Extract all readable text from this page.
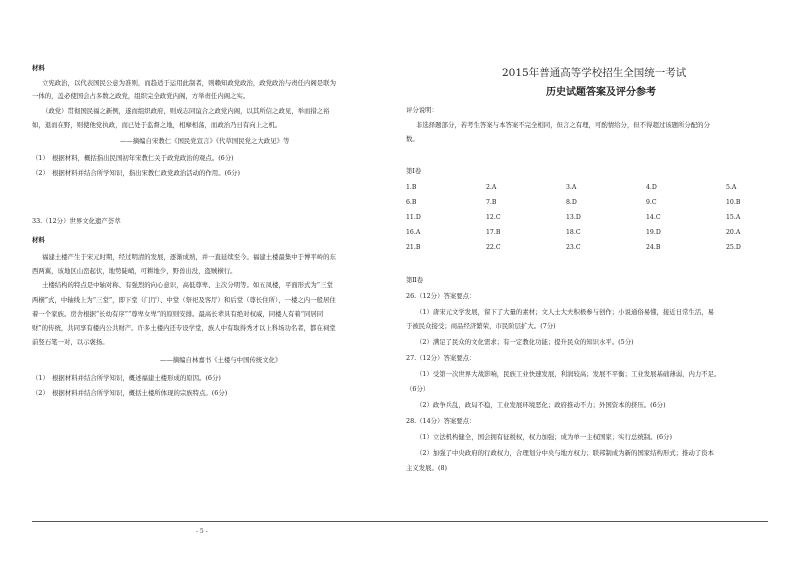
材料
立宪政治，以代表国民公意为准则，而趋适于运用此制者，则赖知政党政治，政党政治与责任内阁是联为
一体的，盖必使国会占多数之政党，组织完全政党内阁，方举责任内阁之实。
（政党）贯彻国民福之新例，遂而组织政府，则成志同谊合之政党内阁，以其所信之政见，举而措之裕
如，退而在野，则使他党执政，而已处于监督之地，相摩相荡，而政治乃日有向上之机。
——摘编自宋教仁《国民党宣言》《代草国民党之大政见》等
（1）　根据材料，概括指出民国初年宋教仁关于政党政治的观点。(6分)
（2）　根据材料并结合所学知识，指出宋教仁政党政治活动的作用。(6分)
33.（12分）世界文化遗产荟萃
材料
福建土楼产生于宋元时期，经过明清的发展，逐渐成熟，并一直延续至今。福建土楼最集中于博平岭的东
西两翼，该地区山峦起伏，地势陡峭，可耕地少，野兽出没，盗贼横行。
土楼结构的特点是中轴对称、有强烈的向心意识，高低尊卑、主次分明等。如五凤楼，平面形式为“三堂
两横”式，中轴线上为“三堂”，即下堂（门厅）、中堂（祭祀及客厅）和后堂（尊长住所），一楼之内一般居住
着一个家族。房舍根据“长幼有序”“尊卑女卑”的原则安排。最高长辈具有绝对权威，同楼人有着“同居同
财”的传统，共同享有楼内公共财产。许多土楼内还专设学堂，族人中有取得秀才以上科场功名者，都在祠堂
前竖石笔一对，以示褒扬。
——摘编自林嘉书《土楼与中国传统文化》
（1）　根据材料并结合所学知识，概述福建土楼形成的原因。(6分)
（2）　根据材料并结合所学知识，概括土楼所体现的宗族特点。(6分)
2015年普通高等学校招生全国统一考试
历史试题答案及评分参考
评分说明：
非选择题部分，若考生答案与本答案不完全相同，但言之有理，可酌情给分，但不得超过该题所分配的分
数。
第Ⅰ卷
1.B	2.A	3.A	4.D	5.A
6.B	7.B	8.D	9.C	10.B
11.D	12.C	13.D	14.C	15.A
16.A	17.B	18.C	19.D	20.A
21.B	22.C	23.C	24.B	25.D
第Ⅱ卷
26.（12分）答案要点：
（1）唐宋元文学发展，留下了大量的素材；文人士大夫积极参与创作；小说通俗易懂，接近日常生活，易
于被民众接受；商品经济繁荣，市民阶层扩大。(7分)
（2）满足了民众的文化需求；有一定教化功能；提升民众的知识水平。(5分)
27.（12分）答案要点：
（1）受第一次世界大战影响，民族工业快速发展，利润较高；发展不平衡；工业发展基础薄弱，内力不足。
（6分）
（2）政争兵乱，政局不稳，工业发展环境恶化；政府推动不力；外国资本的挤压。(6分)
28.（14分）答案要点：
（1）立法机构健全，国会拥有征税权，权力加强；成为单一主权国家；实行总统制。(6分)
（2）加强了中央政府的行政权力，合理划分中央与地方权力；联邦制成为新的国家结构形式；推动了资本
主义发展。(8)
- 5 -
